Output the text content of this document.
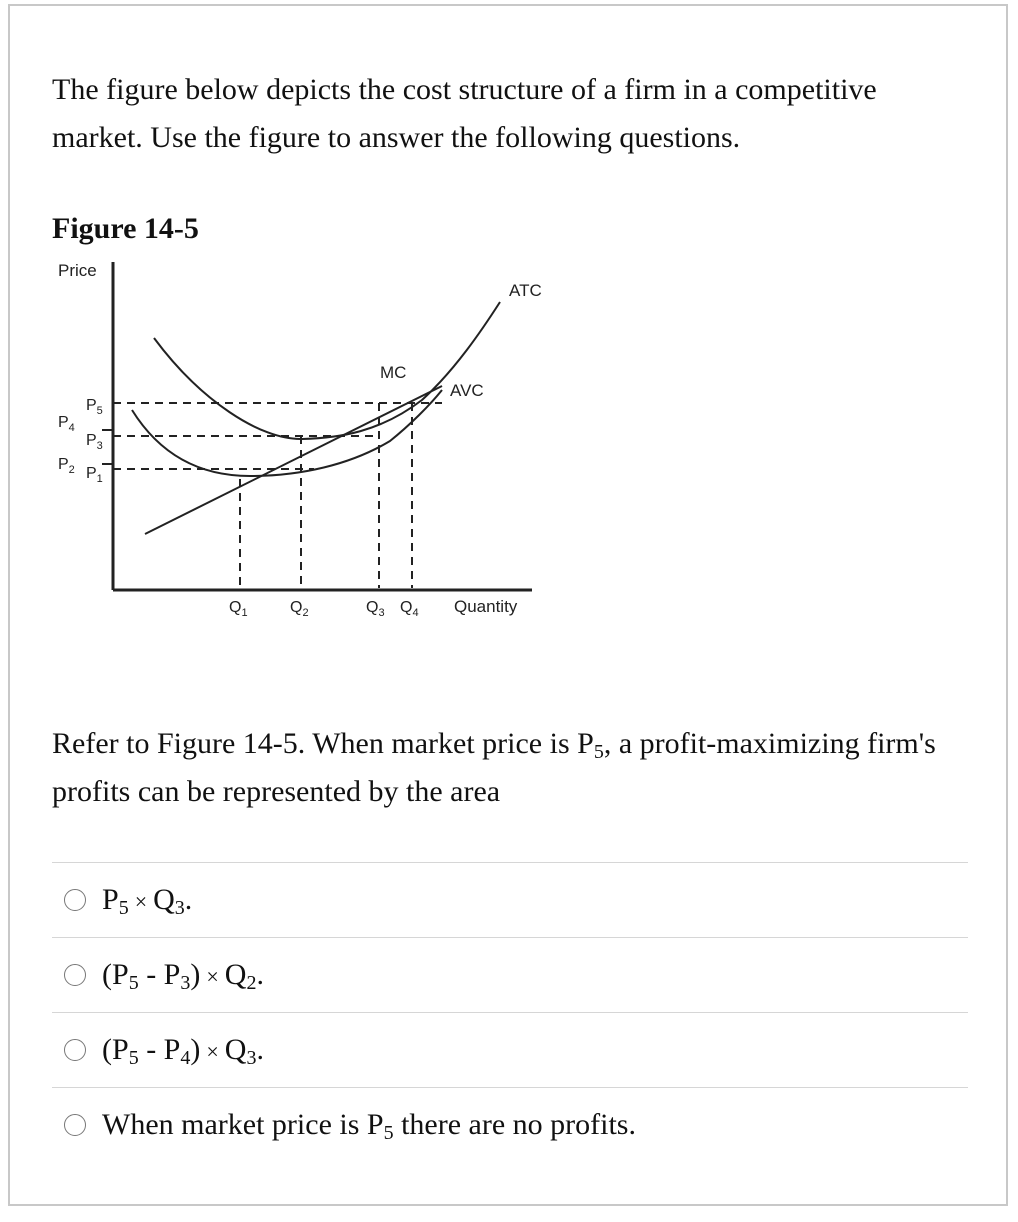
The figure below depicts the cost structure of a firm in a competitive market. Use the figure to answer the following questions.
Figure 14-5
Price
Quantity
ATC
MC
AVC
$P_5$
$P_4$
$P_3$
$P_2$ $P_1$
$Q_1$	$Q_2$	$Q_3$ $Q_4$
Refer to Figure 14-5. When market price is $P_5$, a profit-maximizing firm's profits can be represented by the area
$P_5 \times Q_3$.
$(P_5 - P_3) \times Q_2$.
$(P_5 - P_4) \times Q_3$.
When market price is $P_5$ there are no profits.
